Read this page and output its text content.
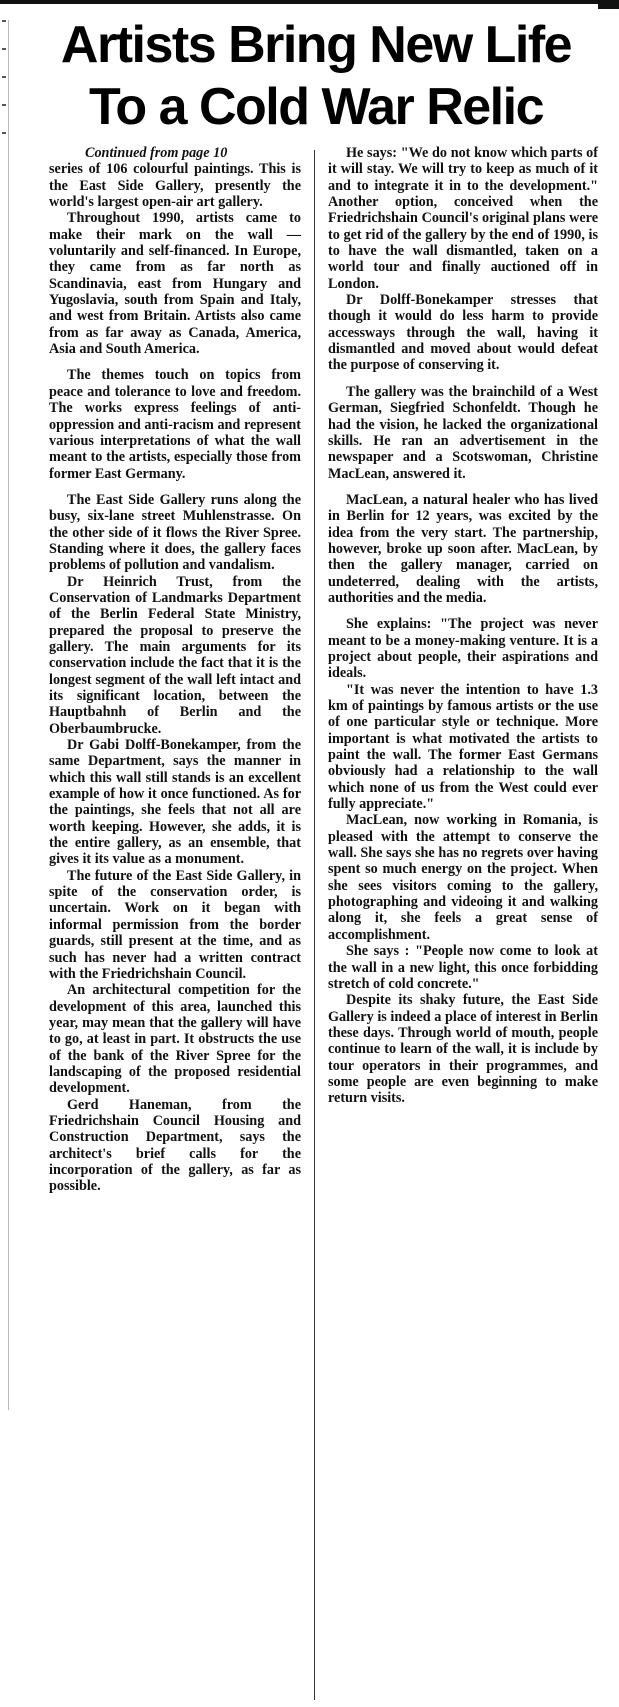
Artists Bring New Life
To a Cold War Relic

Continued from page 10

series of 106 colourful paintings. This is the East Side Gallery, presently the world's largest open-air art gallery.

Throughout 1990, artists came to make their mark on the wall — voluntarily and self-financed. In Europe, they came from as far north as Scandinavia, east from Hungary and Yugoslavia, south from Spain and Italy, and west from Britain. Artists also came from as far away as Canada, America, Asia and South America.

The themes touch on topics from peace and tolerance to love and freedom. The works express feelings of anti-oppression and anti-racism and represent various interpretations of what the wall meant to the artists, especially those from former East Germany.

The East Side Gallery runs along the busy, six-lane street Muhlenstrasse. On the other side of it flows the River Spree. Standing where it does, the gallery faces problems of pollution and vandalism.

Dr Heinrich Trust, from the Conservation of Landmarks Department of the Berlin Federal State Ministry, prepared the proposal to preserve the gallery. The main arguments for its conservation include the fact that it is the longest segment of the wall left intact and its significant location, between the Hauptbahnh of Berlin and the Oberbaumbrucke.

Dr Gabi Dolff-Bonekamper, from the same Department, says the manner in which this wall still stands is an excellent example of how it once functioned. As for the paintings, she feels that not all are worth keeping. However, she adds, it is the entire gallery, as an ensemble, that gives it its value as a monument.

The future of the East Side Gallery, in spite of the conservation order, is uncertain. Work on it began with informal permission from the border guards, still present at the time, and as such has never had a written contract with the Friedrichshain Council.

An architectural competition for the development of this area, launched this year, may mean that the gallery will have to go, at least in part. It obstructs the use of the bank of the River Spree for the landscaping of the proposed residential development.

Gerd Haneman, from the Friedrichshain Council Housing and Construction Department, says the architect's brief calls for the incorporation of the gallery, as far as possible.

He says: "We do not know which parts of it will stay. We will try to keep as much of it and to integrate it in to the development." Another option, conceived when the Friedrichshain Council's original plans were to get rid of the gallery by the end of 1990, is to have the wall dismantled, taken on a world tour and finally auctioned off in London.

Dr Dolff-Bonekamper stresses that though it would do less harm to provide accessways through the wall, having it dismantled and moved about would defeat the purpose of conserving it.

The gallery was the brainchild of a West German, Siegfried Schonfeldt. Though he had the vision, he lacked the organizational skills. He ran an advertisement in the newspaper and a Scotswoman, Christine MacLean, answered it.

MacLean, a natural healer who has lived in Berlin for 12 years, was excited by the idea from the very start. The partnership, however, broke up soon after. MacLean, by then the gallery manager, carried on undeterred, dealing with the artists, authorities and the media.

She explains: "The project was never meant to be a money-making venture. It is a project about people, their aspirations and ideals.

"It was never the intention to have 1.3 km of paintings by famous artists or the use of one particular style or technique. More important is what motivated the artists to paint the wall. The former East Germans obviously had a relationship to the wall which none of us from the West could ever fully appreciate."

MacLean, now working in Romania, is pleased with the attempt to conserve the wall. She says she has no regrets over having spent so much energy on the project. When she sees visitors coming to the gallery, photographing and videoing it and walking along it, she feels a great sense of accomplishment.

She says : "People now come to look at the wall in a new light, this once forbidding stretch of cold concrete."

Despite its shaky future, the East Side Gallery is indeed a place of interest in Berlin these days. Through world of mouth, people continue to learn of the wall, it is include by tour operators in their programmes, and some people are even beginning to make return visits.
